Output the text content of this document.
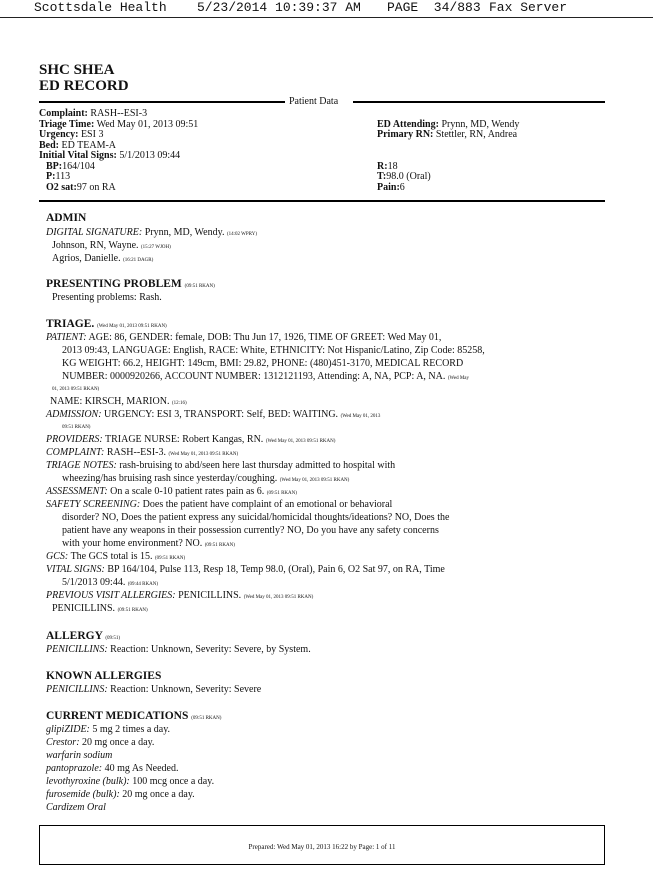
Scottsdale Health 5/23/2014 10:39:37 AM PAGE  34/883 Fax Server
SHC SHEA
ED RECORD
Patient Data
Complaint: RASH--ESI-3
Triage Time: Wed May 01, 2013 09:51
Urgency: ESI 3
Bed: ED TEAM-A
Initial Vital Signs: 5/1/2013 09:44
BP:164/104
P:113
O2 sat:97 on RA
ED Attending: Prynn, MD, Wendy
Primary RN: Stettler, RN, Andrea
R:18
T:98.0 (Oral)
Pain:6
ADMIN
DIGITAL SIGNATURE: Prynn, MD, Wendy. (14:02 WPRY)
Johnson, RN, Wayne. (15:27 WJOH)
Agrios, Danielle. (16:21 DAGR)
PRESENTING PROBLEM (09:51 RKAN)
Presenting problems: Rash.
TRIAGE. (Wed May 01, 2013 09:51 RKAN)
PATIENT: AGE: 86, GENDER: female, DOB: Thu Jun 17, 1926, TIME OF GREET: Wed May 01,
2013 09:43, LANGUAGE: English, RACE: White, ETHNICITY: Not Hispanic/Latino, Zip Code: 85258,
KG WEIGHT: 66.2, HEIGHT: 149cm, BMI: 29.82, PHONE: (480)451-3170, MEDICAL RECORD
NUMBER: 0000920266, ACCOUNT NUMBER: 1312121193, Attending: A, NA, PCP: A, NA. (Wed May
01, 2013 09:51 RKAN)
NAME: KIRSCH, MARION. (12:16)
ADMISSION: URGENCY: ESI 3, TRANSPORT: Self, BED: WAITING. (Wed May 01, 2013
09:51 RKAN)
PROVIDERS: TRIAGE NURSE: Robert Kangas, RN. (Wed May 01, 2013 09:51 RKAN)
COMPLAINT: RASH--ESI-3. (Wed May 01, 2013 09:51 RKAN)
TRIAGE NOTES: rash-bruising to abd/seen here last thursday admitted to hospital with
wheezing/has bruising rash since yesterday/coughing. (Wed May 01, 2013 09:51 RKAN)
ASSESSMENT: On a scale 0-10 patient rates pain as 6. (09:51 RKAN)
SAFETY SCREENING: Does the patient have complaint of an emotional or behavioral
disorder? NO, Does the patient express any suicidal/homicidal thoughts/ideations? NO, Does the
patient have any weapons in their possession currently? NO, Do you have any safety concerns
with your home environment? NO. (09:51 RKAN)
GCS: The GCS total is 15. (09:51 RKAN)
VITAL SIGNS: BP 164/104, Pulse 113, Resp 18, Temp 98.0, (Oral), Pain 6, O2 Sat 97, on RA, Time
5/1/2013 09:44. (09:44 RKAN)
PREVIOUS VISIT ALLERGIES: PENICILLINS. (Wed May 01, 2013 09:51 RKAN)
PENICILLINS. (09:51 RKAN)
ALLERGY (09:51)
PENICILLINS: Reaction: Unknown, Severity: Severe, by System.
KNOWN ALLERGIES
PENICILLINS: Reaction: Unknown, Severity: Severe
CURRENT MEDICATIONS (09:51 RKAN)
glipiZIDE: 5 mg 2 times a day.
Crestor: 20 mg once a day.
warfarin sodium
pantoprazole: 40 mg As Needed.
levothyroxine (bulk): 100 mcg once a day.
furosemide (bulk): 20 mg once a day.
Cardizem Oral
Prepared: Wed May 01, 2013 16:22 by Page: 1 of 11
